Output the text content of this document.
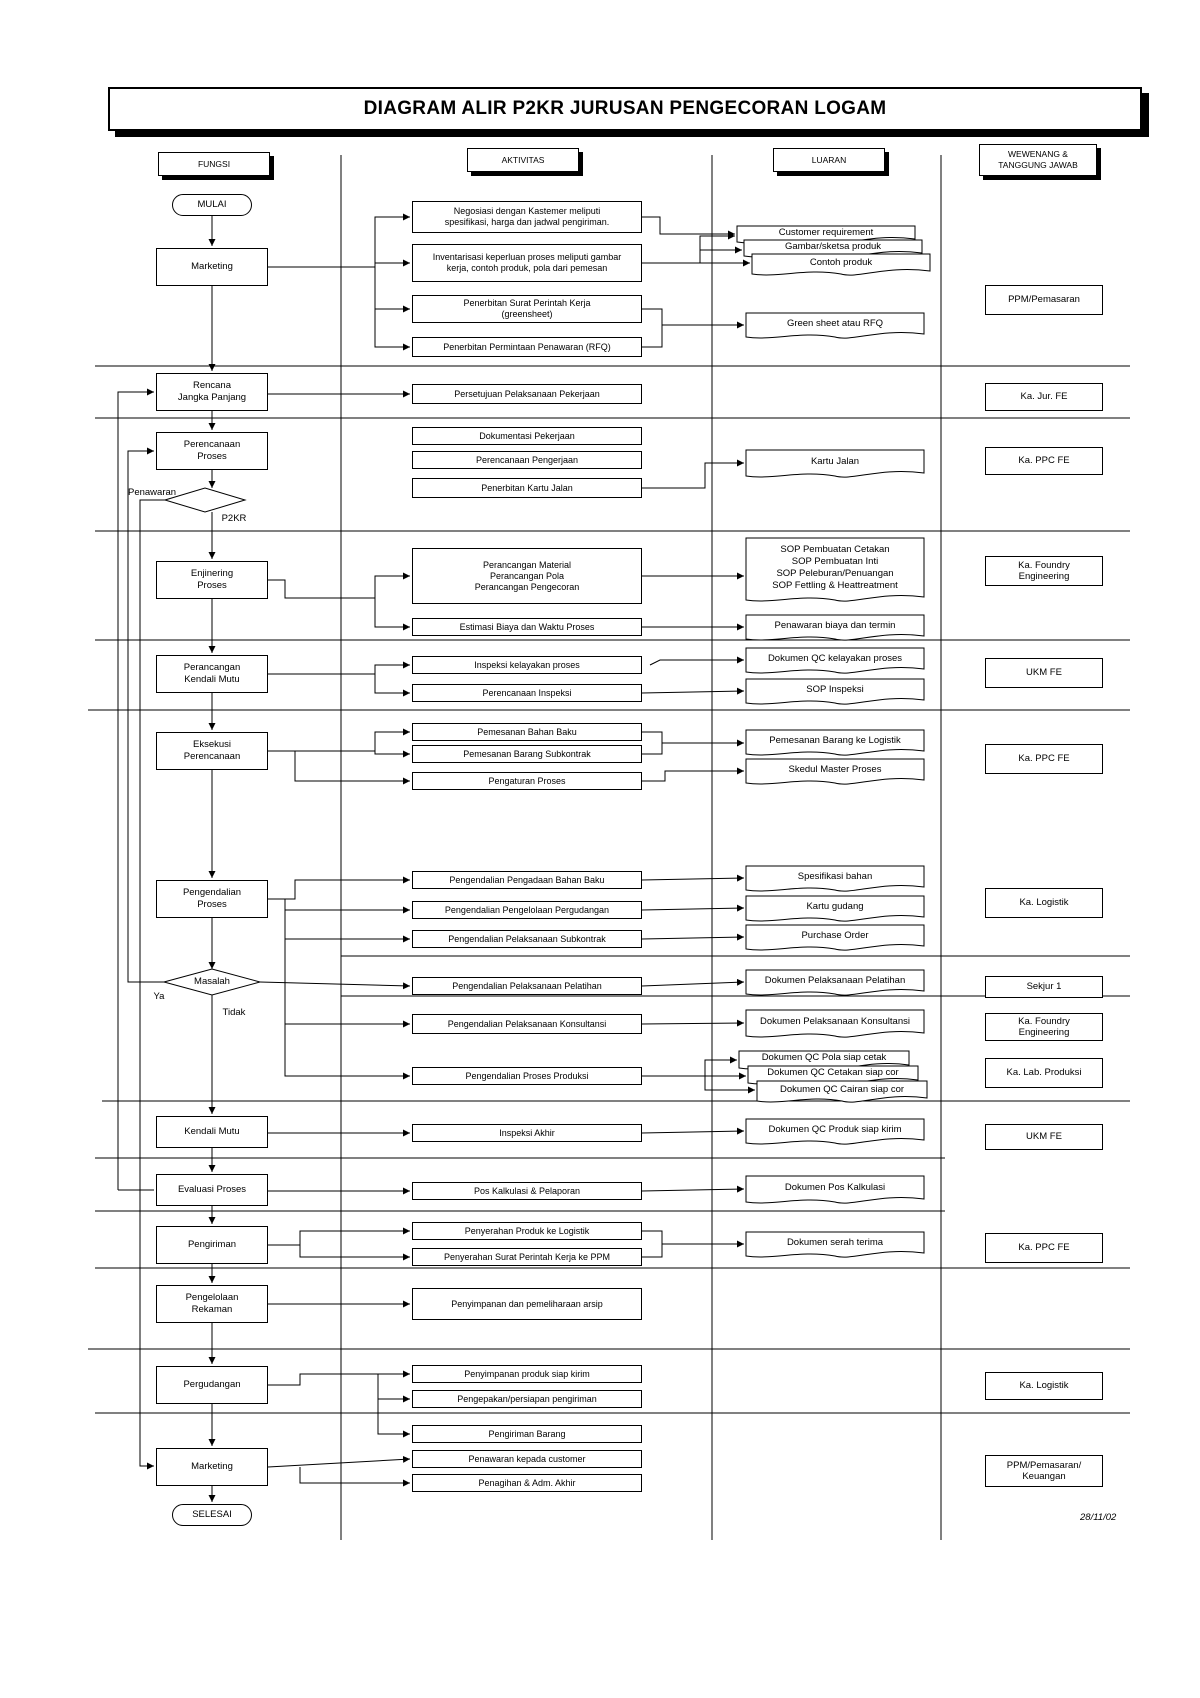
DIAGRAM ALIR P2KR JURUSAN PENGECORAN LOGAM
FUNGSI	AKTIVITAS	LUARAN
WEWENANG &
TANGGUNG JAWAB
MULAI
Marketing
Rencana
Jangka Panjang
Perencanaan
Proses
Penawaran
P2KR
Enjinering
Proses
Perancangan
Kendali Mutu
Eksekusi
Perencanaan
Pengendalian
Proses
Masalah
Ya
Tidak
Kendali Mutu
Evaluasi Proses
Pengiriman
Pengelolaan
Rekaman
Pergudangan
Marketing
SELESAI
Negosiasi dengan Kastemer meliputi
spesifikasi, harga dan jadwal pengiriman.
Inventarisasi keperluan proses meliputi gambar
kerja, contoh produk, pola dari pemesan
Penerbitan Surat Perintah Kerja
(greensheet)
Penerbitan Permintaan Penawaran (RFQ)
Persetujuan Pelaksanaan Pekerjaan
Dokumentasi Pekerjaan
Perencanaan Pengerjaan
Penerbitan Kartu Jalan
Perancangan Material
Perancangan Pola
Perancangan Pengecoran
Estimasi Biaya dan Waktu Proses
Inspeksi kelayakan proses
Perencanaan Inspeksi
Pemesanan Bahan Baku
Pemesanan Barang Subkontrak
Pengaturan Proses
Pengendalian Pengadaan Bahan Baku
Pengendalian Pengelolaan Pergudangan
Pengendalian Pelaksanaan Subkontrak
Pengendalian Pelaksanaan Pelatihan
Pengendalian Pelaksanaan Konsultansi
Pengendalian Proses Produksi
Inspeksi Akhir
Pos Kalkulasi & Pelaporan
Penyerahan Produk ke Logistik
Penyerahan Surat Perintah Kerja ke PPM
Penyimpanan dan pemeliharaan arsip
Penyimpanan produk siap kirim
Pengepakan/persiapan pengiriman
Pengiriman Barang
Penawaran kepada customer
Penagihan & Adm. Akhir
Customer requirement
Gambar/sketsa produk
Contoh produk
Green sheet atau RFQ
Kartu Jalan
SOP Pembuatan Cetakan
SOP Pembuatan Inti
SOP Peleburan/Penuangan
SOP Fettling & Heattreatment
Penawaran biaya dan termin
Dokumen QC kelayakan proses
SOP Inspeksi
Pemesanan Barang ke Logistik
Skedul Master Proses
Spesifikasi bahan
Kartu gudang
Purchase Order
Dokumen Pelaksanaan Pelatihan
Dokumen Pelaksanaan Konsultansi
Dokumen QC Pola siap cetak
Dokumen QC Cetakan siap cor
Dokumen QC Cairan siap cor
Dokumen QC Produk siap kirim
Dokumen Pos Kalkulasi
Dokumen serah terima
PPM/Pemasaran
Ka. Jur. FE
Ka. PPC FE
Ka. Foundry
Engineering
UKM FE
Ka. PPC FE
Ka. Logistik
Sekjur 1
Ka. Foundry
Engineering
Ka. Lab. Produksi
UKM FE
Ka. PPC FE
Ka. Logistik
PPM/Pemasaran/
Keuangan
28/11/02
